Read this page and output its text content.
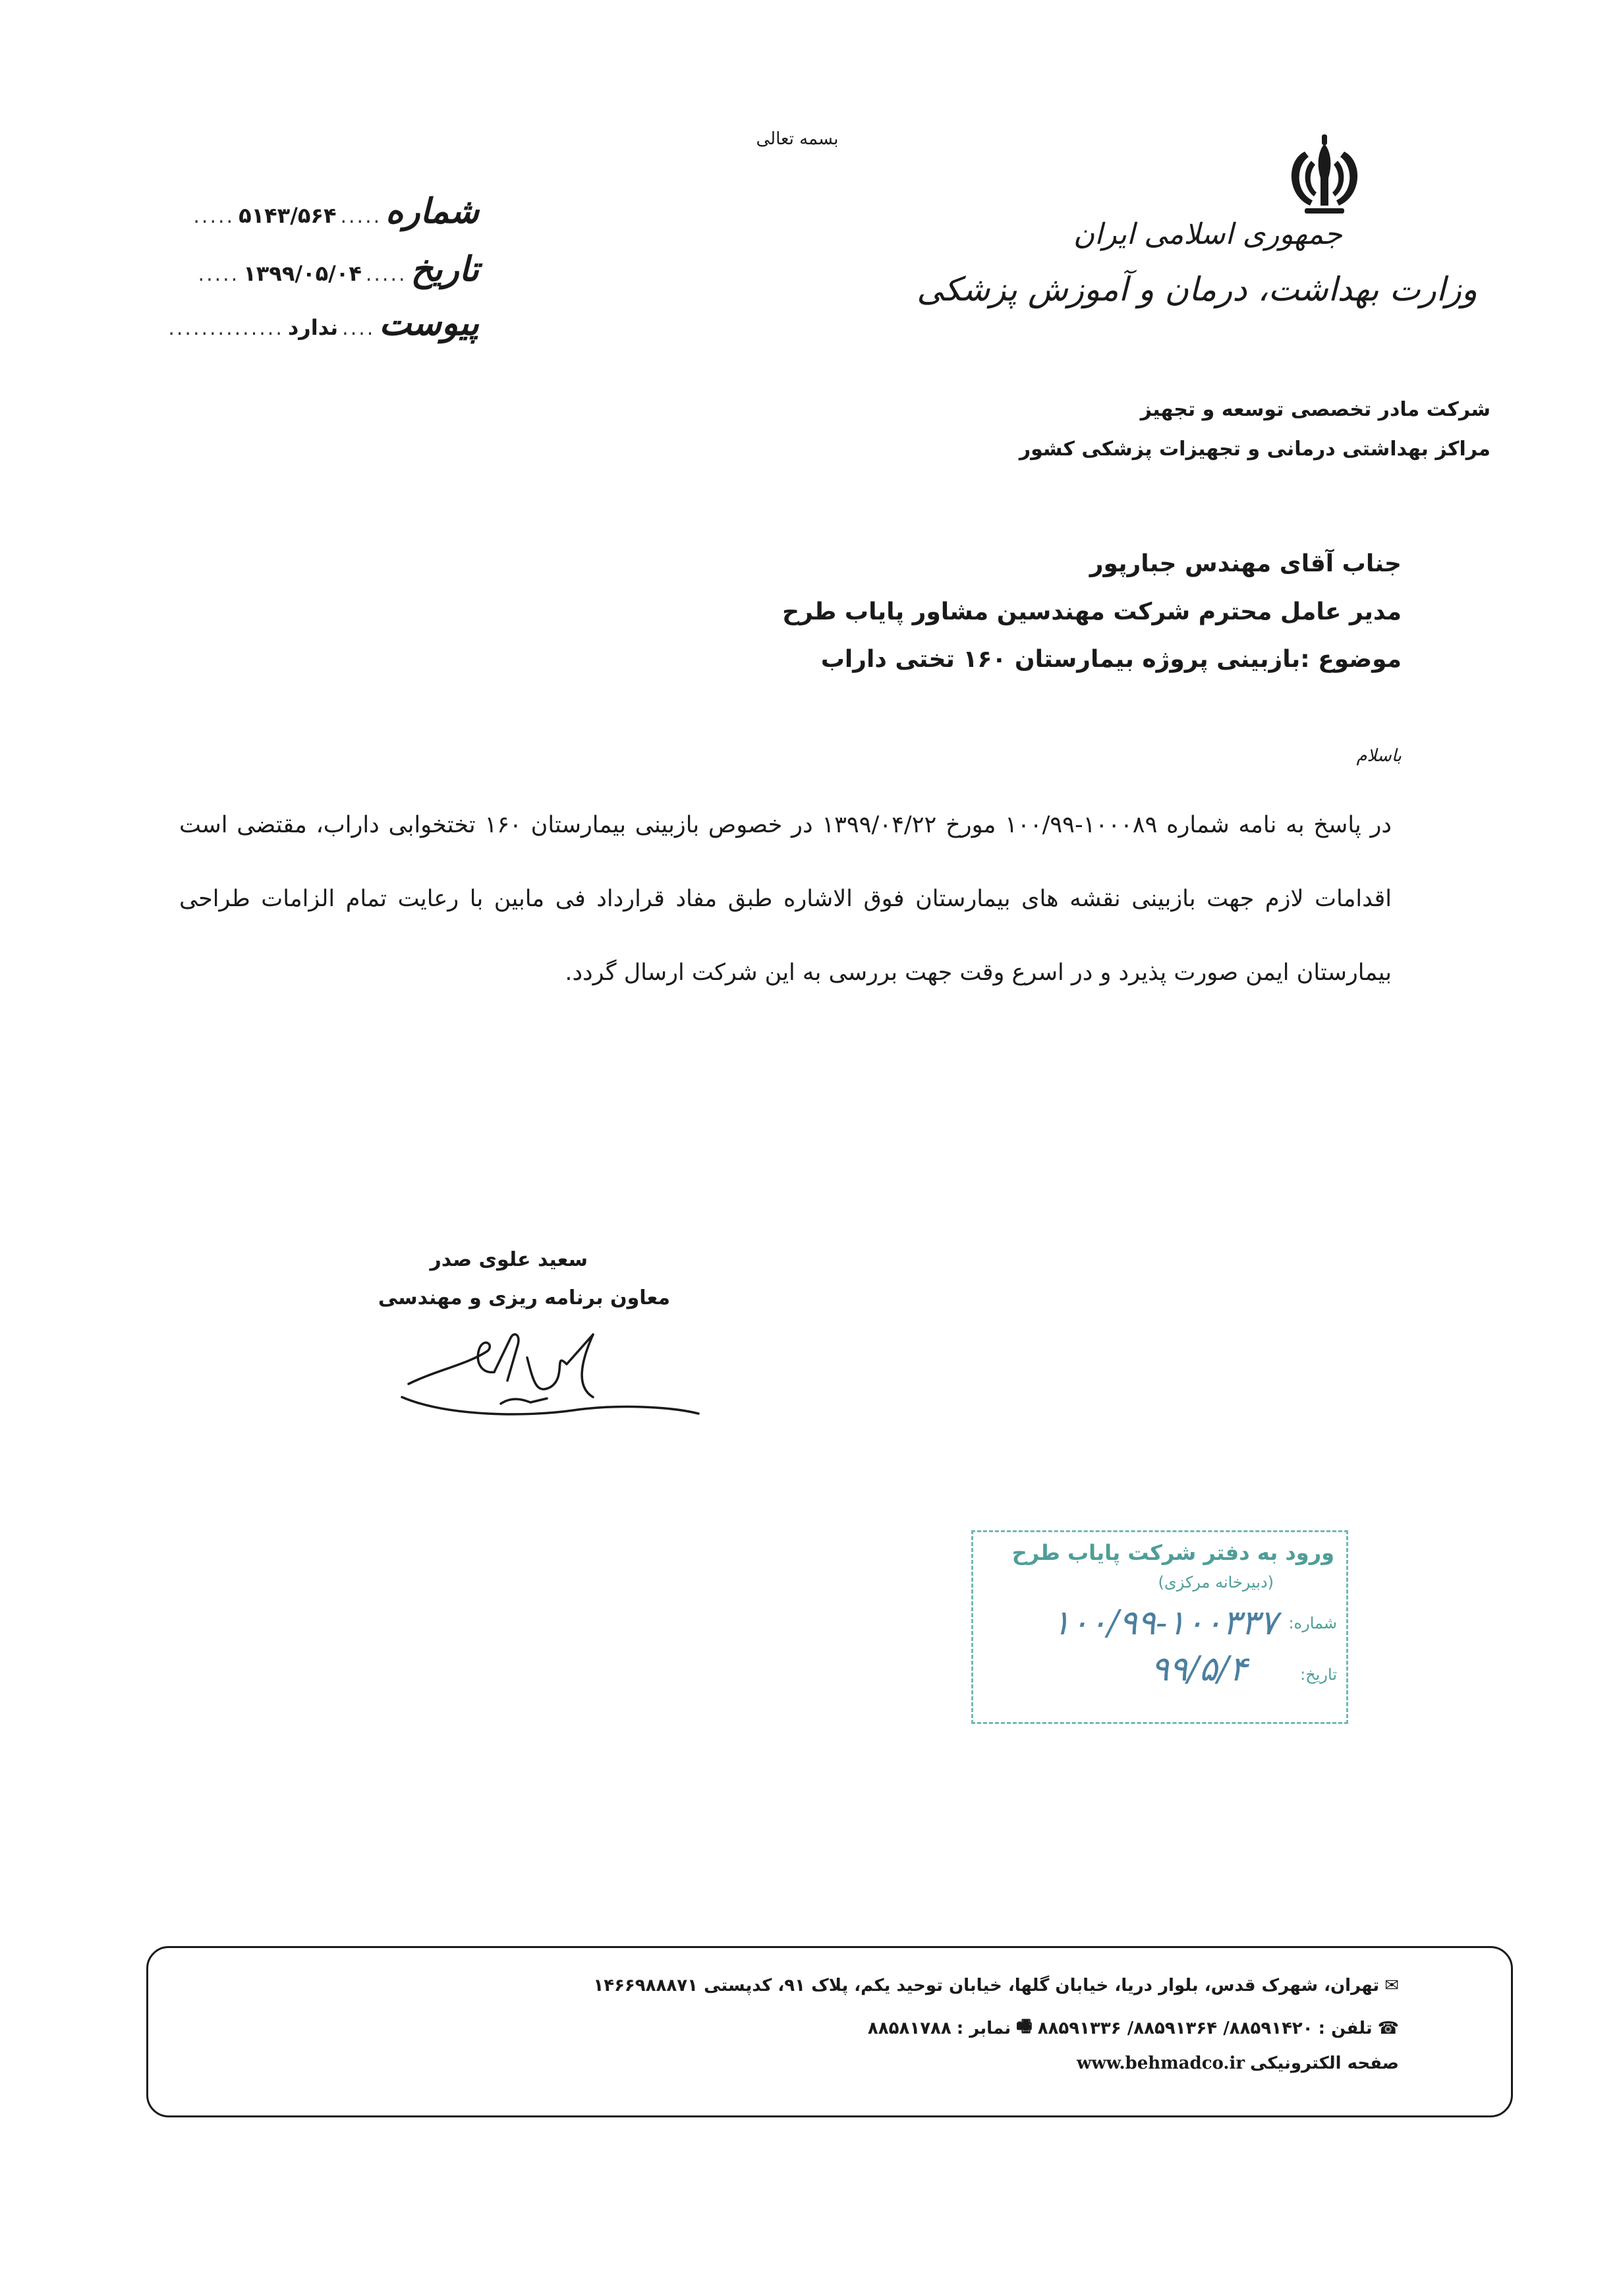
بسمه تعالی
جمهوری اسلامی ایران
وزارت بهداشت، درمان و آموزش پزشکی
شرکت مادر تخصصی توسعه و تجهیز
مراکز بهداشتی درمانی و تجهیزات پزشکی کشور
شماره
.....
۵۱۴۳/۵۶۴
.....
تاریخ
.....
۱۳۹۹/۰۵/۰۴
.....
پیوست
....
ندارد
..............
جناب آقای مهندس جبارپور
مدیر عامل محترم شرکت مهندسین مشاور پایاب طرح
موضوع :بازبینی پروژه بیمارستان ۱۶۰ تختی داراب
باسلام
در پاسخ به نامه شماره ۱۰۰۰۸۹-۱۰۰/۹۹ مورخ ۱۳۹۹/۰۴/۲۲ در خصوص بازبینی بیمارستان ۱۶۰ تختخوابی داراب، مقتضی است اقدامات لازم جهت بازبینی نقشه های بیمارستان فوق الاشاره طبق مفاد قرارداد فی مابین با رعایت تمام الزامات طراحی بیمارستان ایمن صورت پذیرد و در اسرع وقت جهت بررسی به این شرکت ارسال گردد.
سعید علوی صدر
معاون برنامه ریزی و مهندسی
ورود به دفتر شرکت پایاب طرح
(دبیرخانه مرکزی)
شماره:
۱۰۰/۹۹-۱۰۰۳۳۷
تاریخ:
۹۹/۵/۴
✉
تهران، شهرک قدس، بلوار دریا، خیابان گلها، خیابان توحید یکم، پلاک ۹۱، کدپستی ۱۴۶۶۹۸۸۸۷۱
☎
تلفن :
۸۸۵۹۱۴۲۰/ ۸۸۵۹۱۳۶۴/ ۸۸۵۹۱۳۳۶
🖷
نمابر :
۸۸۵۸۱۷۸۸
صفحه الکترونیکی
www.behmadco.ir
